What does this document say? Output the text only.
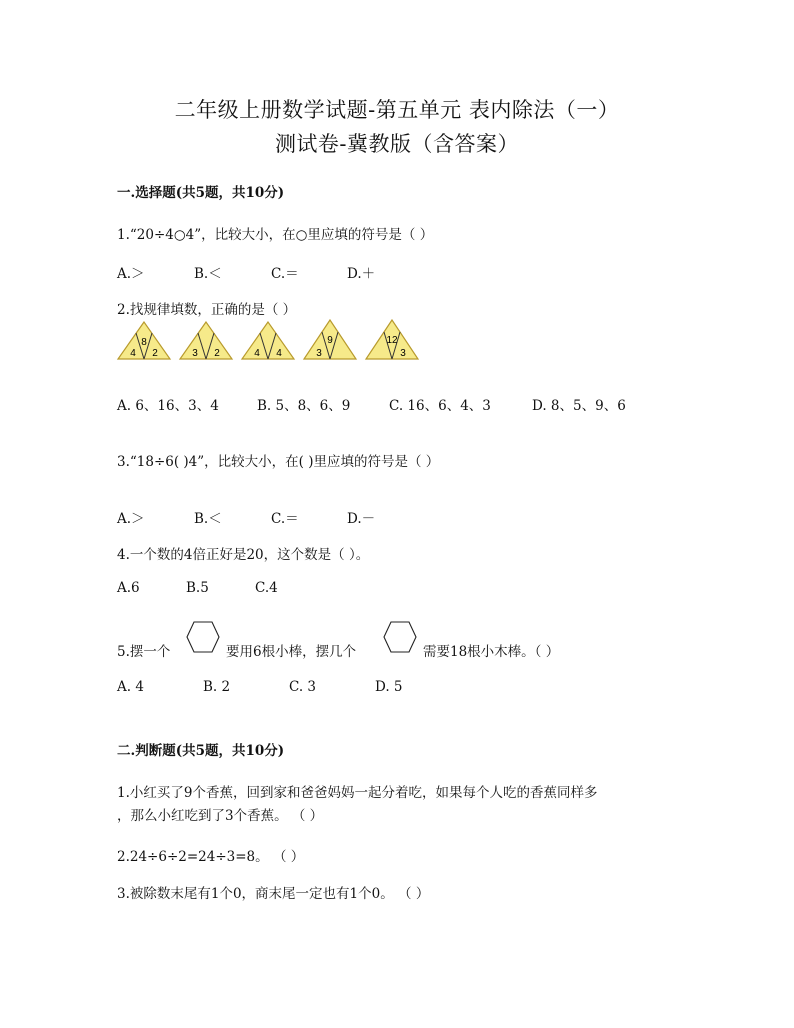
二年级上册数学试题-第五单元 表内除法（一）
测试卷-冀教版（含答案）
一.选择题(共5题，共10分)
1.“20÷4○4”，比较大小，在○里应填的符号是（ ）
A.＞	B.＜	C.＝	D.＋
2.找规律填数，正确的是（ ）
8
4 2	3 2	4 4
9
3
12
3
A. 6、16、3、4	B. 5、8、6、9	C. 16、6、4、3	D. 8、5、9、6
3.“18÷6( )4”，比较大小，在( )里应填的符号是（ ）
A.＞	B.＜	C.＝	D.－
4.一个数的4倍正好是20，这个数是（ ）。
A.6	B.5	C.4
5.摆一个	要用6根小棒，摆几个	需要18根小木棒。（ ）
A. 4	B. 2	C. 3	D. 5
二.判断题(共5题，共10分)
1.小红买了9个香蕉，回到家和爸爸妈妈一起分着吃，如果每个人吃的香蕉同样多
，那么小红吃到了3个香蕉。 （ ）
2.24÷6÷2=24÷3=8。 （ ）
3.被除数末尾有1个0，商末尾一定也有1个0。 （ ）
